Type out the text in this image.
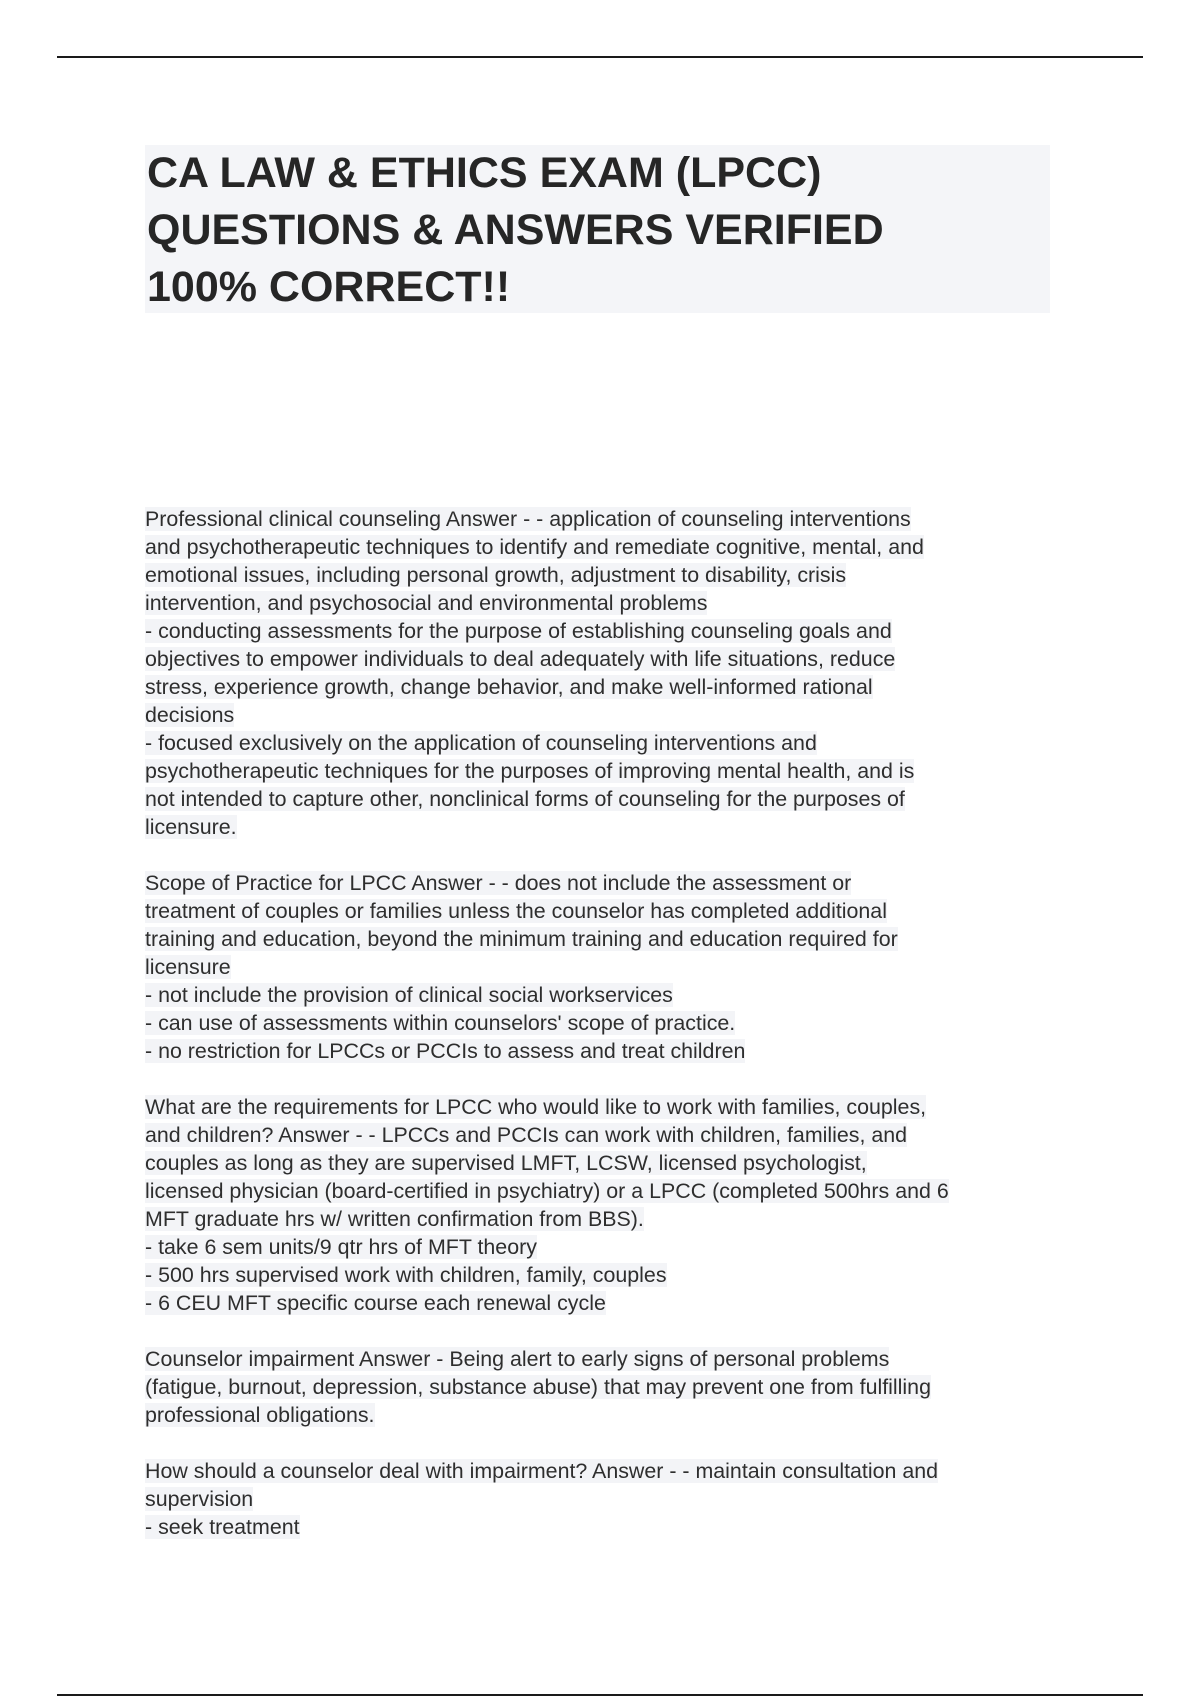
CA LAW & ETHICS EXAM (LPCC)
QUESTIONS & ANSWERS VERIFIED
100% CORRECT!!
Professional clinical counseling Answer - - application of counseling interventions
and psychotherapeutic techniques to identify and remediate cognitive, mental, and
emotional issues, including personal growth, adjustment to disability, crisis
intervention, and psychosocial and environmental problems
- conducting assessments for the purpose of establishing counseling goals and
objectives to empower individuals to deal adequately with life situations, reduce
stress, experience growth, change behavior, and make well-informed rational
decisions
- focused exclusively on the application of counseling interventions and
psychotherapeutic techniques for the purposes of improving mental health, and is
not intended to capture other, nonclinical forms of counseling for the purposes of
licensure.
Scope of Practice for LPCC Answer - - does not include the assessment or
treatment of couples or families unless the counselor has completed additional
training and education, beyond the minimum training and education required for
licensure
- not include the provision of clinical social workservices
- can use of assessments within counselors' scope of practice.
- no restriction for LPCCs or PCCIs to assess and treat children
What are the requirements for LPCC who would like to work with families, couples,
and children? Answer - - LPCCs and PCCIs can work with children, families, and
couples as long as they are supervised LMFT, LCSW, licensed psychologist,
licensed physician (board-certified in psychiatry) or a LPCC (completed 500hrs and 6
MFT graduate hrs w/ written confirmation from BBS).
- take 6 sem units/9 qtr hrs of MFT theory
- 500 hrs supervised work with children, family, couples
- 6 CEU MFT specific course each renewal cycle
Counselor impairment Answer - Being alert to early signs of personal problems
(fatigue, burnout, depression, substance abuse) that may prevent one from fulfilling
professional obligations.
How should a counselor deal with impairment? Answer - - maintain consultation and
supervision
- seek treatment
